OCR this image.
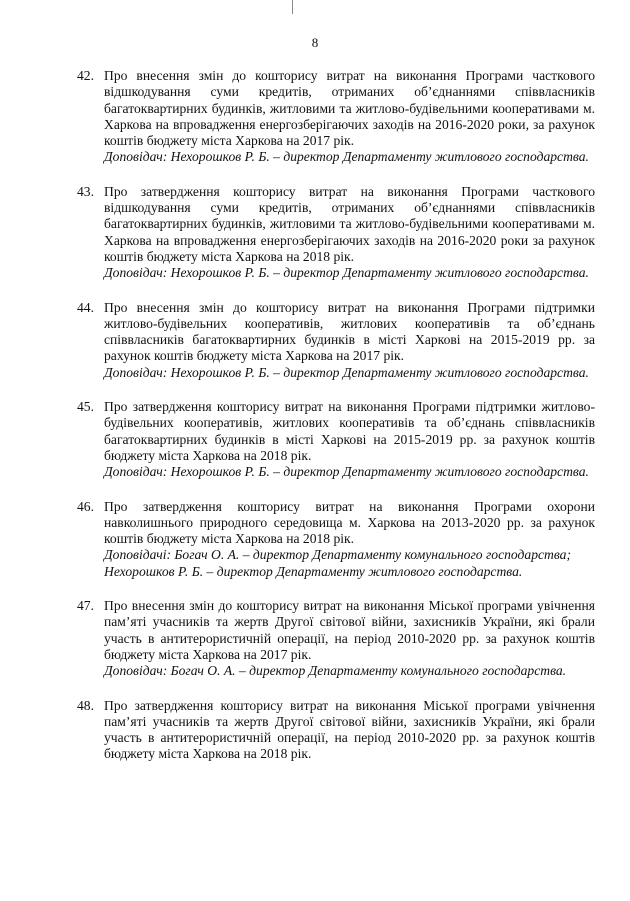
8
42. Про внесення змін до кошторису витрат на виконання Програми часткового відшкодування суми кредитів, отриманих об’єднаннями співвласників багатоквартирних будинків, житловими та житлово-будівельними кооперативами м. Харкова на впровадження енергозберігаючих заходів на 2016-2020 роки, за рахунок коштів бюджету міста Харкова на 2017 рік.
Доповідач: Нехорошков Р. Б. – директор Департаменту житлового господарства.
43. Про затвердження кошторису витрат на виконання Програми часткового відшкодування суми кредитів, отриманих об’єднаннями співвласників багатоквартирних будинків, житловими та житлово-будівельними кооперативами м. Харкова на впровадження енергозберігаючих заходів на 2016-2020 роки за рахунок коштів бюджету міста Харкова на 2018 рік.
Доповідач: Нехорошков Р. Б. – директор Департаменту житлового господарства.
44. Про внесення змін до кошторису витрат на виконання Програми підтримки житлово-будівельних кооперативів, житлових кооперативів та об’єднань співвласників багатоквартирних будинків в місті Харкові на 2015-2019 рр. за рахунок коштів бюджету міста Харкова на 2017 рік.
Доповідач: Нехорошков Р. Б. – директор Департаменту житлового господарства.
45. Про затвердження кошторису витрат на виконання Програми підтримки житлово-будівельних кооперативів, житлових кооперативів та об’єднань співвласників багатоквартирних будинків в місті Харкові на 2015-2019 рр. за рахунок коштів бюджету міста Харкова на 2018 рік.
Доповідач: Нехорошков Р. Б. – директор Департаменту житлового господарства.
46. Про затвердження кошторису витрат на виконання Програми охорони навколишнього природного середовища м. Харкова на 2013-2020 рр. за рахунок коштів бюджету міста Харкова на 2018 рік.
Доповідачі: Богач О. А. – директор Департаменту комунального господарства;
Нехорошков Р. Б. – директор Департаменту житлового господарства.
47. Про внесення змін до кошторису витрат на виконання Міської програми увічнення пам’яті учасників та жертв Другої світової війни, захисників України, які брали участь в антитерористичній операції, на період 2010-2020 рр. за рахунок коштів бюджету міста Харкова на 2017 рік.
Доповідач: Богач О. А. – директор Департаменту комунального господарства.
48. Про затвердження кошторису витрат на виконання Міської програми увічнення пам’яті учасників та жертв Другої світової війни, захисників України, які брали участь в антитерористичній операції, на період 2010-2020 рр. за рахунок коштів бюджету міста Харкова на 2018 рік.
